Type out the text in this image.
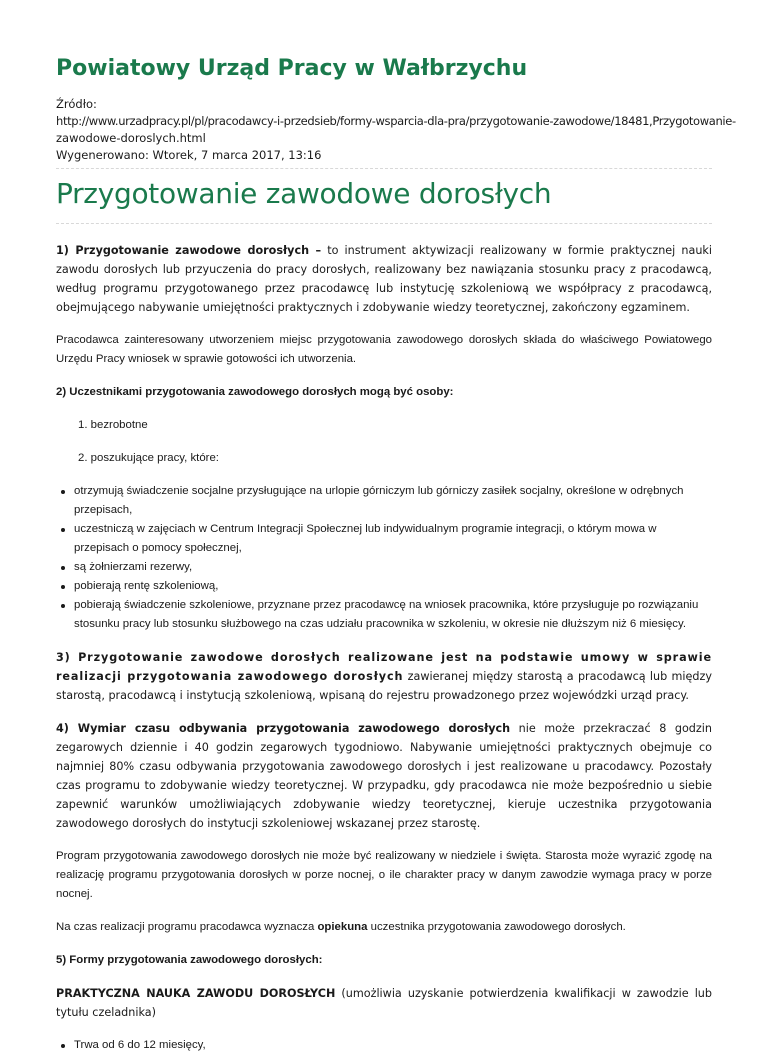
Powiatowy Urząd Pracy w Wałbrzychu
Źródło:
http://www.urzadpracy.pl/pl/pracodawcy-i-przedsieb/formy-wsparcia-dla-pra/przygotowanie-zawodowe/18481,Przygotowanie-
zawodowe-doroslych.html
Wygenerowano: Wtorek, 7 marca 2017, 13:16
Przygotowanie zawodowe dorosłych

1) Przygotowanie zawodowe dorosłych – to instrument aktywizacji realizowany w formie praktycznej nauki zawodu dorosłych lub przyuczenia do pracy dorosłych, realizowany bez nawiązania stosunku pracy z pracodawcą, według programu przygotowanego przez pracodawcę lub instytucję szkoleniową we współpracy z pracodawcą, obejmującego nabywanie umiejętności praktycznych i zdobywanie wiedzy teoretycznej, zakończony egzaminem.

Pracodawca zainteresowany utworzeniem miejsc przygotowania zawodowego dorosłych składa do właściwego Powiatowego Urzędu Pracy wniosek w sprawie gotowości ich utworzenia.

2) Uczestnikami przygotowania zawodowego dorosłych mogą być osoby:

1. bezrobotne
2. poszukujące pracy, które:
otrzymują świadczenie socjalne przysługujące na urlopie górniczym lub górniczy zasiłek socjalny, określone w odrębnych przepisach,
uczestniczą w zajęciach w Centrum Integracji Społecznej lub indywidualnym programie integracji, o którym mowa w przepisach o pomocy społecznej,
są żołnierzami rezerwy,
pobierają rentę szkoleniową,
pobierają świadczenie szkoleniowe, przyznane przez pracodawcę na wniosek pracownika, które przysługuje po rozwiązaniu stosunku pracy lub stosunku służbowego na czas udziału pracownika w szkoleniu, w okresie nie dłuższym niż 6 miesięcy.

3) Przygotowanie zawodowe dorosłych realizowane jest na podstawie umowy w sprawie realizacji przygotowania zawodowego dorosłych zawieranej między starostą a pracodawcą lub między starostą, pracodawcą i instytucją szkoleniową, wpisaną do rejestru prowadzonego przez wojewódzki urząd pracy.

4) Wymiar czasu odbywania przygotowania zawodowego dorosłych nie może przekraczać 8 godzin zegarowych dziennie i 40 godzin zegarowych tygodniowo. Nabywanie umiejętności praktycznych obejmuje co najmniej 80% czasu odbywania przygotowania zawodowego dorosłych i jest realizowane u pracodawcy. Pozostały czas programu to zdobywanie wiedzy teoretycznej. W przypadku, gdy pracodawca nie może bezpośrednio u siebie zapewnić warunków umożliwiających zdobywanie wiedzy teoretycznej, kieruje uczestnika przygotowania zawodowego dorosłych do instytucji szkoleniowej wskazanej przez starostę.

Program przygotowania zawodowego dorosłych nie może być realizowany w niedziele i święta. Starosta może wyrazić zgodę na realizację programu przygotowania dorosłych w porze nocnej, o ile charakter pracy w danym zawodzie wymaga pracy w porze nocnej.

Na czas realizacji programu pracodawca wyznacza opiekuna uczestnika przygotowania zawodowego dorosłych.

5) Formy przygotowania zawodowego dorosłych:

PRAKTYCZNA NAUKA ZAWODU DOROSŁYCH (umożliwia uzyskanie potwierdzenia kwalifikacji w zawodzie lub tytułu czeladnika)

Trwa od 6 do 12 miesięcy,
